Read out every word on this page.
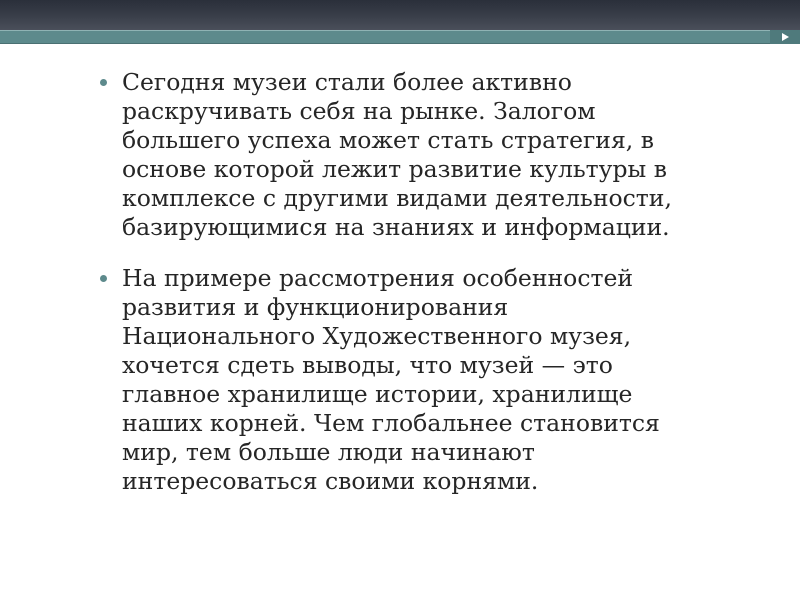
Сегодня музеи стали более активно
раскручивать себя на рынке. Залогом
большего успеха может стать стратегия, в
основе которой лежит развитие культуры в
комплексе с другими видами деятельности,
базирующимися на знаниях и информации.
На примере рассмотрения особенностей
развития и функционирования
Национального Художественного музея,
хочется сдеть выводы, что музей — это
главное хранилище истории, хранилище
наших корней. Чем глобальнее становится
мир, тем больше люди начинают
интересоваться своими корнями.
